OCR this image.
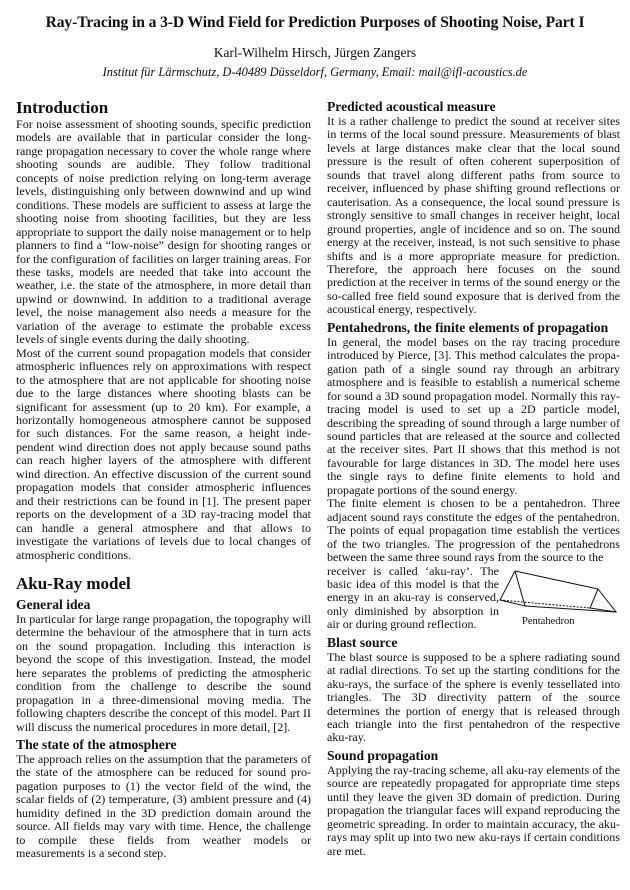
Ray-Tracing in a 3-D Wind Field for Prediction Purposes of Shooting Noise, Part I
Karl-Wilhelm Hirsch, Jürgen Zangers
Institut für Lärmschutz, D-40489 Düsseldorf, Germany, Email: mail@ifl-acoustics.de
Introduction

For noise assessment of shooting sounds, specific prediction models are available that in particular consider the long-range propagation necessary to cover the whole range where shooting sounds are audible. They follow traditional concepts of noise prediction relying on long-term average levels, distinguishing only between downwind and up wind conditions. These models are sufficient to assess at large the shooting noise from shooting facilities, but they are less appropriate to support the daily noise management or to help planners to find a “low-noise” design for shooting ranges or for the configuration of facilities on larger training areas. For these tasks, models are needed that take into account the weather, i.e. the state of the atmosphere, in more detail than upwind or downwind. In addition to a traditional average level, the noise management also needs a measure for the variation of the average to estimate the probable excess levels of single events during the daily shooting.

Most of the current sound propagation models that consider atmospheric influences rely on approximations with respect to the atmosphere that are not applicable for shooting noise due to the large distances where shooting blasts can be significant for assessment (up to 20 km). For example, a horizontally homogeneous atmosphere cannot be supposed for such distances. For the same reason, a height inde-pendent wind direction does not apply because sound paths can reach higher layers of the atmosphere with different wind direction. An effective discussion of the current sound propagation models that consider atmospheric influences and their restrictions can be found in [1]. The present paper reports on the development of a 3D ray-tracing model that can handle a general atmosphere and that allows to investigate the variations of levels due to local changes of atmospheric conditions.

Aku-Ray model
General idea

In particular for large range propagation, the topography will determine the behaviour of the atmosphere that in turn acts on the sound propagation. Including this interaction is beyond the scope of this investigation. Instead, the model here separates the problems of predicting the atmospheric condition from the challenge to describe the sound propagation in a three-dimensional moving media. The following chapters describe the concept of this model. Part II will discuss the numerical procedures in more detail, [2].

The state of the atmosphere

The approach relies on the assumption that the parameters of the state of the atmosphere can be reduced for sound pro-pagation purposes to (1) the vector field of the wind, the scalar fields of (2) temperature, (3) ambient pressure and (4) humidity defined in the 3D prediction domain around the source. All fields may vary with time. Hence, the challenge to compile these fields from weather models or measurements is a second step.

Predicted acoustical measure

It is a rather challenge to predict the sound at receiver sites in terms of the local sound pressure. Measurements of blast levels at large distances make clear that the local sound pressure is the result of often coherent superposition of sounds that travel along different paths from source to receiver, influenced by phase shifting ground reflections or cauterisation. As a consequence, the local sound pressure is strongly sensitive to small changes in receiver height, local ground properties, angle of incidence and so on. The sound energy at the receiver, instead, is not such sensitive to phase shifts and is a more appropriate measure for prediction. Therefore, the approach here focuses on the sound prediction at the receiver in terms of the sound energy or the so-called free field sound exposure that is derived from the acoustical energy, respectively.

Pentahedrons, the finite elements of propagation

In general, the model bases on the ray tracing procedure introduced by Pierce, [3]. This method calculates the propa-gation path of a single sound ray through an arbitrary atmosphere and is feasible to establish a numerical scheme for sound a 3D sound propagation model. Normally this ray-tracing model is used to set up a 2D particle model, describing the spreading of sound through a large number of sound particles that are released at the source and collected at the receiver sites. Part II shows that this method is not favourable for large distances in 3D. The model here uses the single rays to define finite elements to hold and propagate portions of the sound energy.

The finite element is chosen to be a pentahedron. Three adjacent sound rays constitute the edges of the pentahedron. The points of equal propagation time establish the vertices of the two triangles. The progression of the pentahedrons between the same three sound rays from the source to the

receiver is called ‘aku-ray’. The basic idea of this model is that the energy in an aku-ray is conserved, only diminished by absorption in air or during ground reflection.	Pentahedron
Blast source

The blast source is supposed to be a sphere radiating sound at radial directions. To set up the starting conditions for the aku-rays, the surface of the sphere is evenly tessellated into triangles. The 3D directivity pattern of the source determines the portion of energy that is released through each triangle into the first pentahedron of the respective aku-ray.

Sound propagation

Applying the ray-tracing scheme, all aku-ray elements of the source are repeatedly propagated for appropriate time steps until they leave the given 3D domain of prediction. During propagation the triangular faces will expand reproducing the geometric spreading. In order to maintain accuracy, the aku-rays may split up into two new aku-rays if certain conditions are met.
